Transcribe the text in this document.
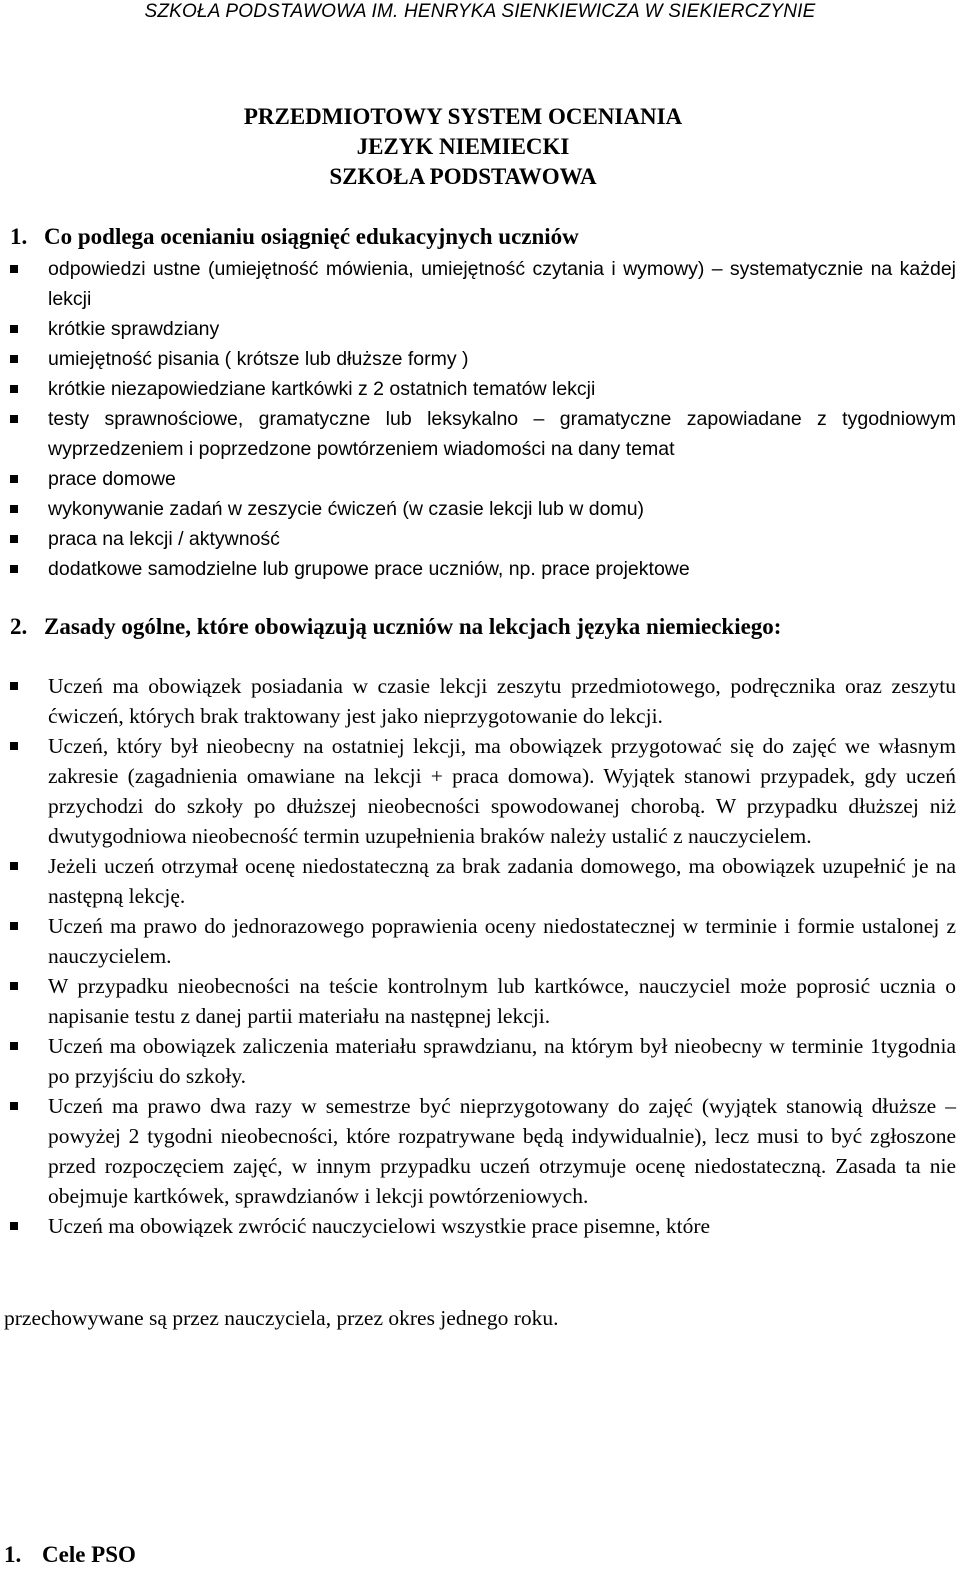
SZKOŁA PODSTAWOWA IM. HENRYKA SIENKIEWICZA W SIEKIERCZYNIE
PRZEDMIOTOWY SYSTEM OCENIANIA
JEZYK NIEMIECKI
SZKOŁA PODSTAWOWA
1. Co podlega ocenianiu osiągnięć edukacyjnych uczniów
odpowiedzi ustne (umiejętność mówienia, umiejętność czytania i wymowy) – systematycznie na każdej lekcji
krótkie sprawdziany
umiejętność pisania ( krótsze lub dłuższe formy )
krótkie niezapowiedziane kartkówki z 2 ostatnich tematów lekcji
testy sprawnościowe, gramatyczne lub leksykalno – gramatyczne zapowiadane z tygodniowym wyprzedzeniem i poprzedzone powtórzeniem wiadomości na dany temat
prace domowe
wykonywanie zadań w zeszycie ćwiczeń (w czasie lekcji lub w domu)
praca na lekcji / aktywność
dodatkowe samodzielne lub grupowe prace uczniów, np. prace projektowe
2. Zasady ogólne, które obowiązują uczniów na lekcjach języka niemieckiego:
Uczeń ma obowiązek posiadania w czasie lekcji zeszytu przedmiotowego, podręcznika oraz zeszytu ćwiczeń, których brak traktowany jest jako nieprzygotowanie do lekcji.
Uczeń, który był nieobecny na ostatniej lekcji, ma obowiązek przygotować się do zajęć we własnym zakresie (zagadnienia omawiane na lekcji + praca domowa). Wyjątek stanowi przypadek, gdy uczeń przychodzi do szkoły po dłuższej nieobecności spowodowanej chorobą. W przypadku dłuższej niż dwutygodniowa nieobecność termin uzupełnienia braków należy ustalić z nauczycielem.
Jeżeli uczeń otrzymał ocenę niedostateczną za brak zadania domowego, ma obowiązek uzupełnić je na następną lekcję.
Uczeń ma prawo do jednorazowego poprawienia oceny niedostatecznej w terminie i formie ustalonej z nauczycielem.
W przypadku nieobecności na teście kontrolnym lub kartkówce, nauczyciel może poprosić ucznia o napisanie testu z danej partii materiału na następnej lekcji.
Uczeń ma obowiązek zaliczenia materiału sprawdzianu, na którym był nieobecny w terminie 1tygodnia po przyjściu do szkoły.
Uczeń ma prawo dwa razy w semestrze być nieprzygotowany do zajęć (wyjątek stanowią dłuższe – powyżej 2 tygodni nieobecności, które rozpatrywane będą indywidualnie), lecz musi to być zgłoszone przed rozpoczęciem zajęć, w innym przypadku uczeń otrzymuje ocenę niedostateczną. Zasada ta nie obejmuje kartkówek, sprawdzianów i lekcji powtórzeniowych.
Uczeń ma obowiązek zwrócić nauczycielowi wszystkie prace pisemne, które
przechowywane są przez nauczyciela, przez okres jednego roku.
1. Cele PSO
